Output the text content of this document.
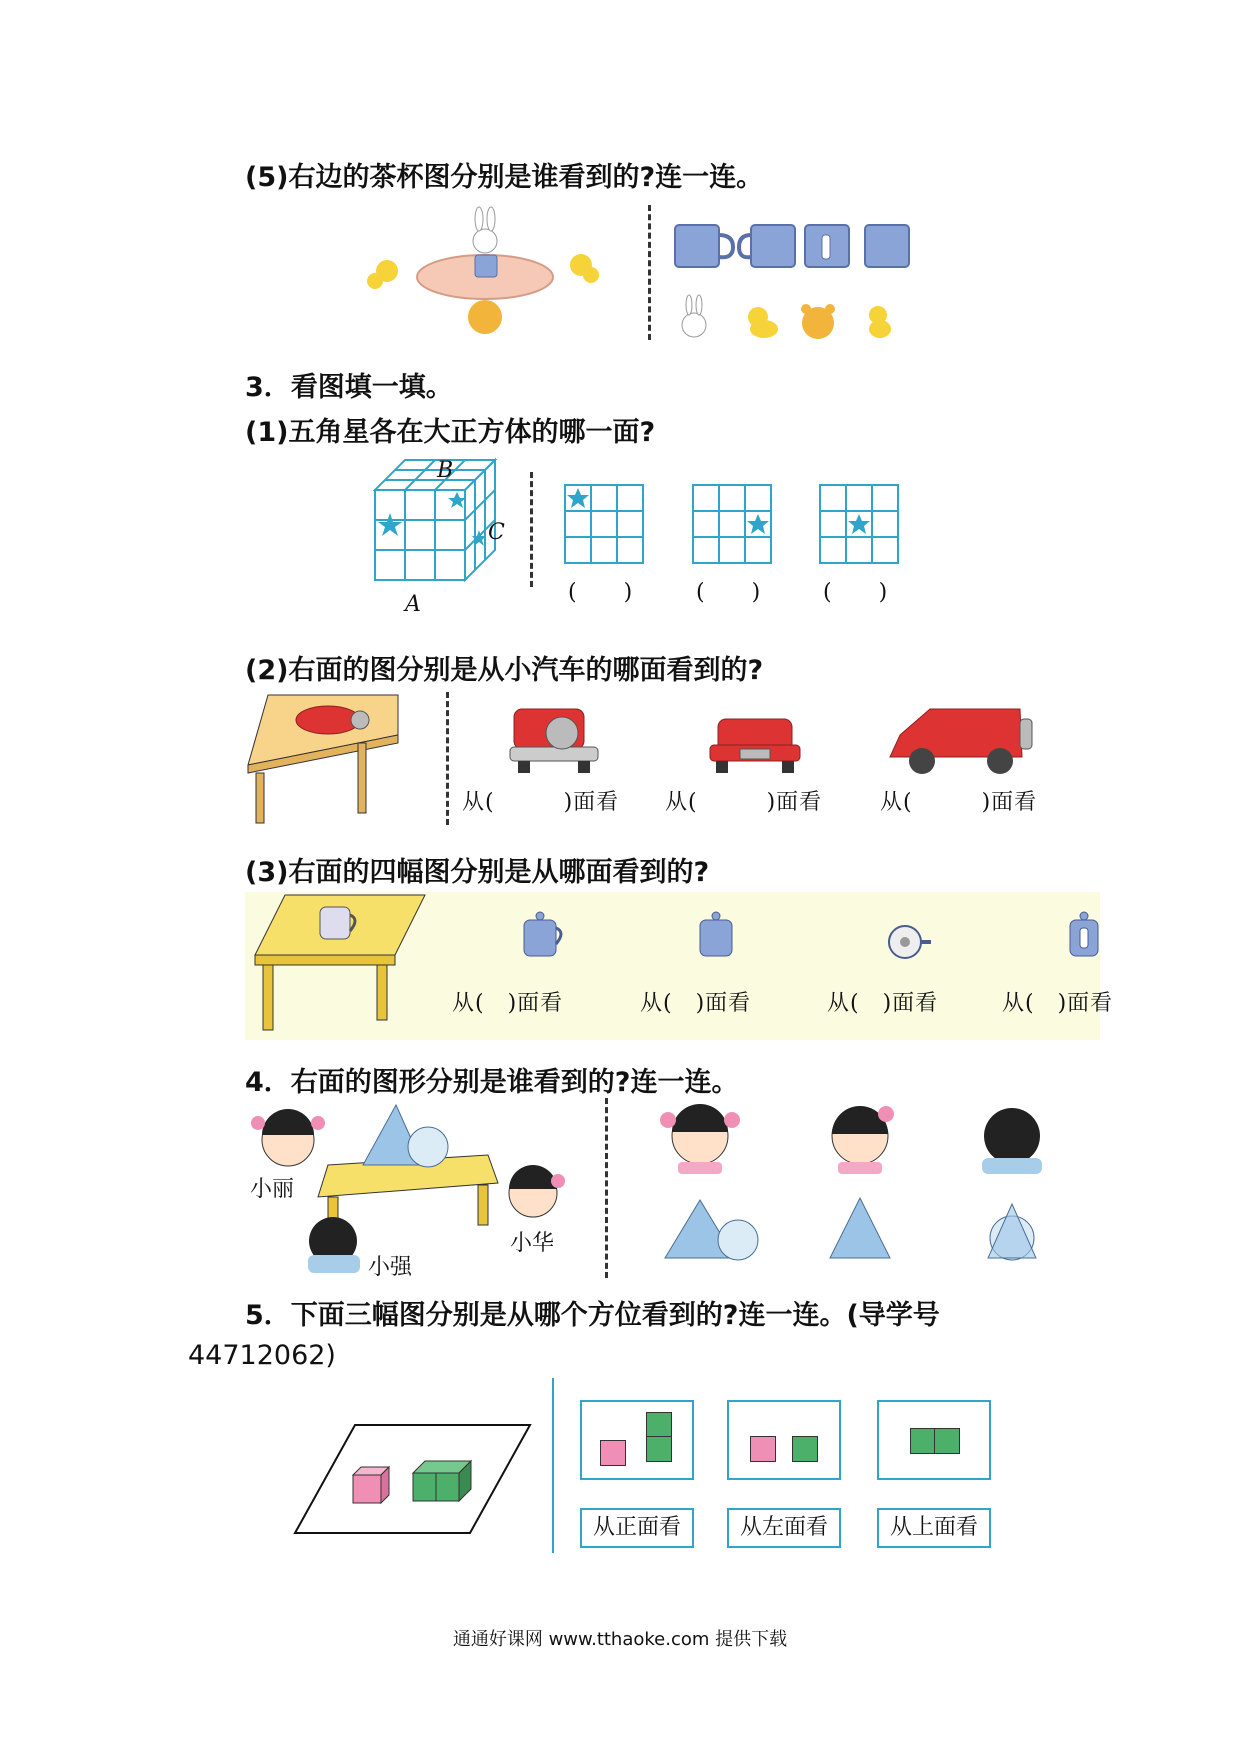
(5)右边的茶杯图分别是谁看到的?连一连。
3．看图填一填。
(1)五角星各在大正方体的哪一面?
B
C
A	(　　)	(　　)	(　　)
(2)右面的图分别是从小汽车的哪面看到的?
从(　　　)面看 从(　　　)面看	从(　　　)面看
(3)右面的四幅图分别是从哪面看到的?
从(　)面看	从(　)面看	从(　)面看	从(　)面看
4．右面的图形分别是谁看到的?连一连。
小丽
小强
小华
5．下面三幅图分别是从哪个方位看到的?连一连。(导学号
44712062)
从正面看	从左面看	从上面看
通通好课网 www.tthaoke.com 提供下载
